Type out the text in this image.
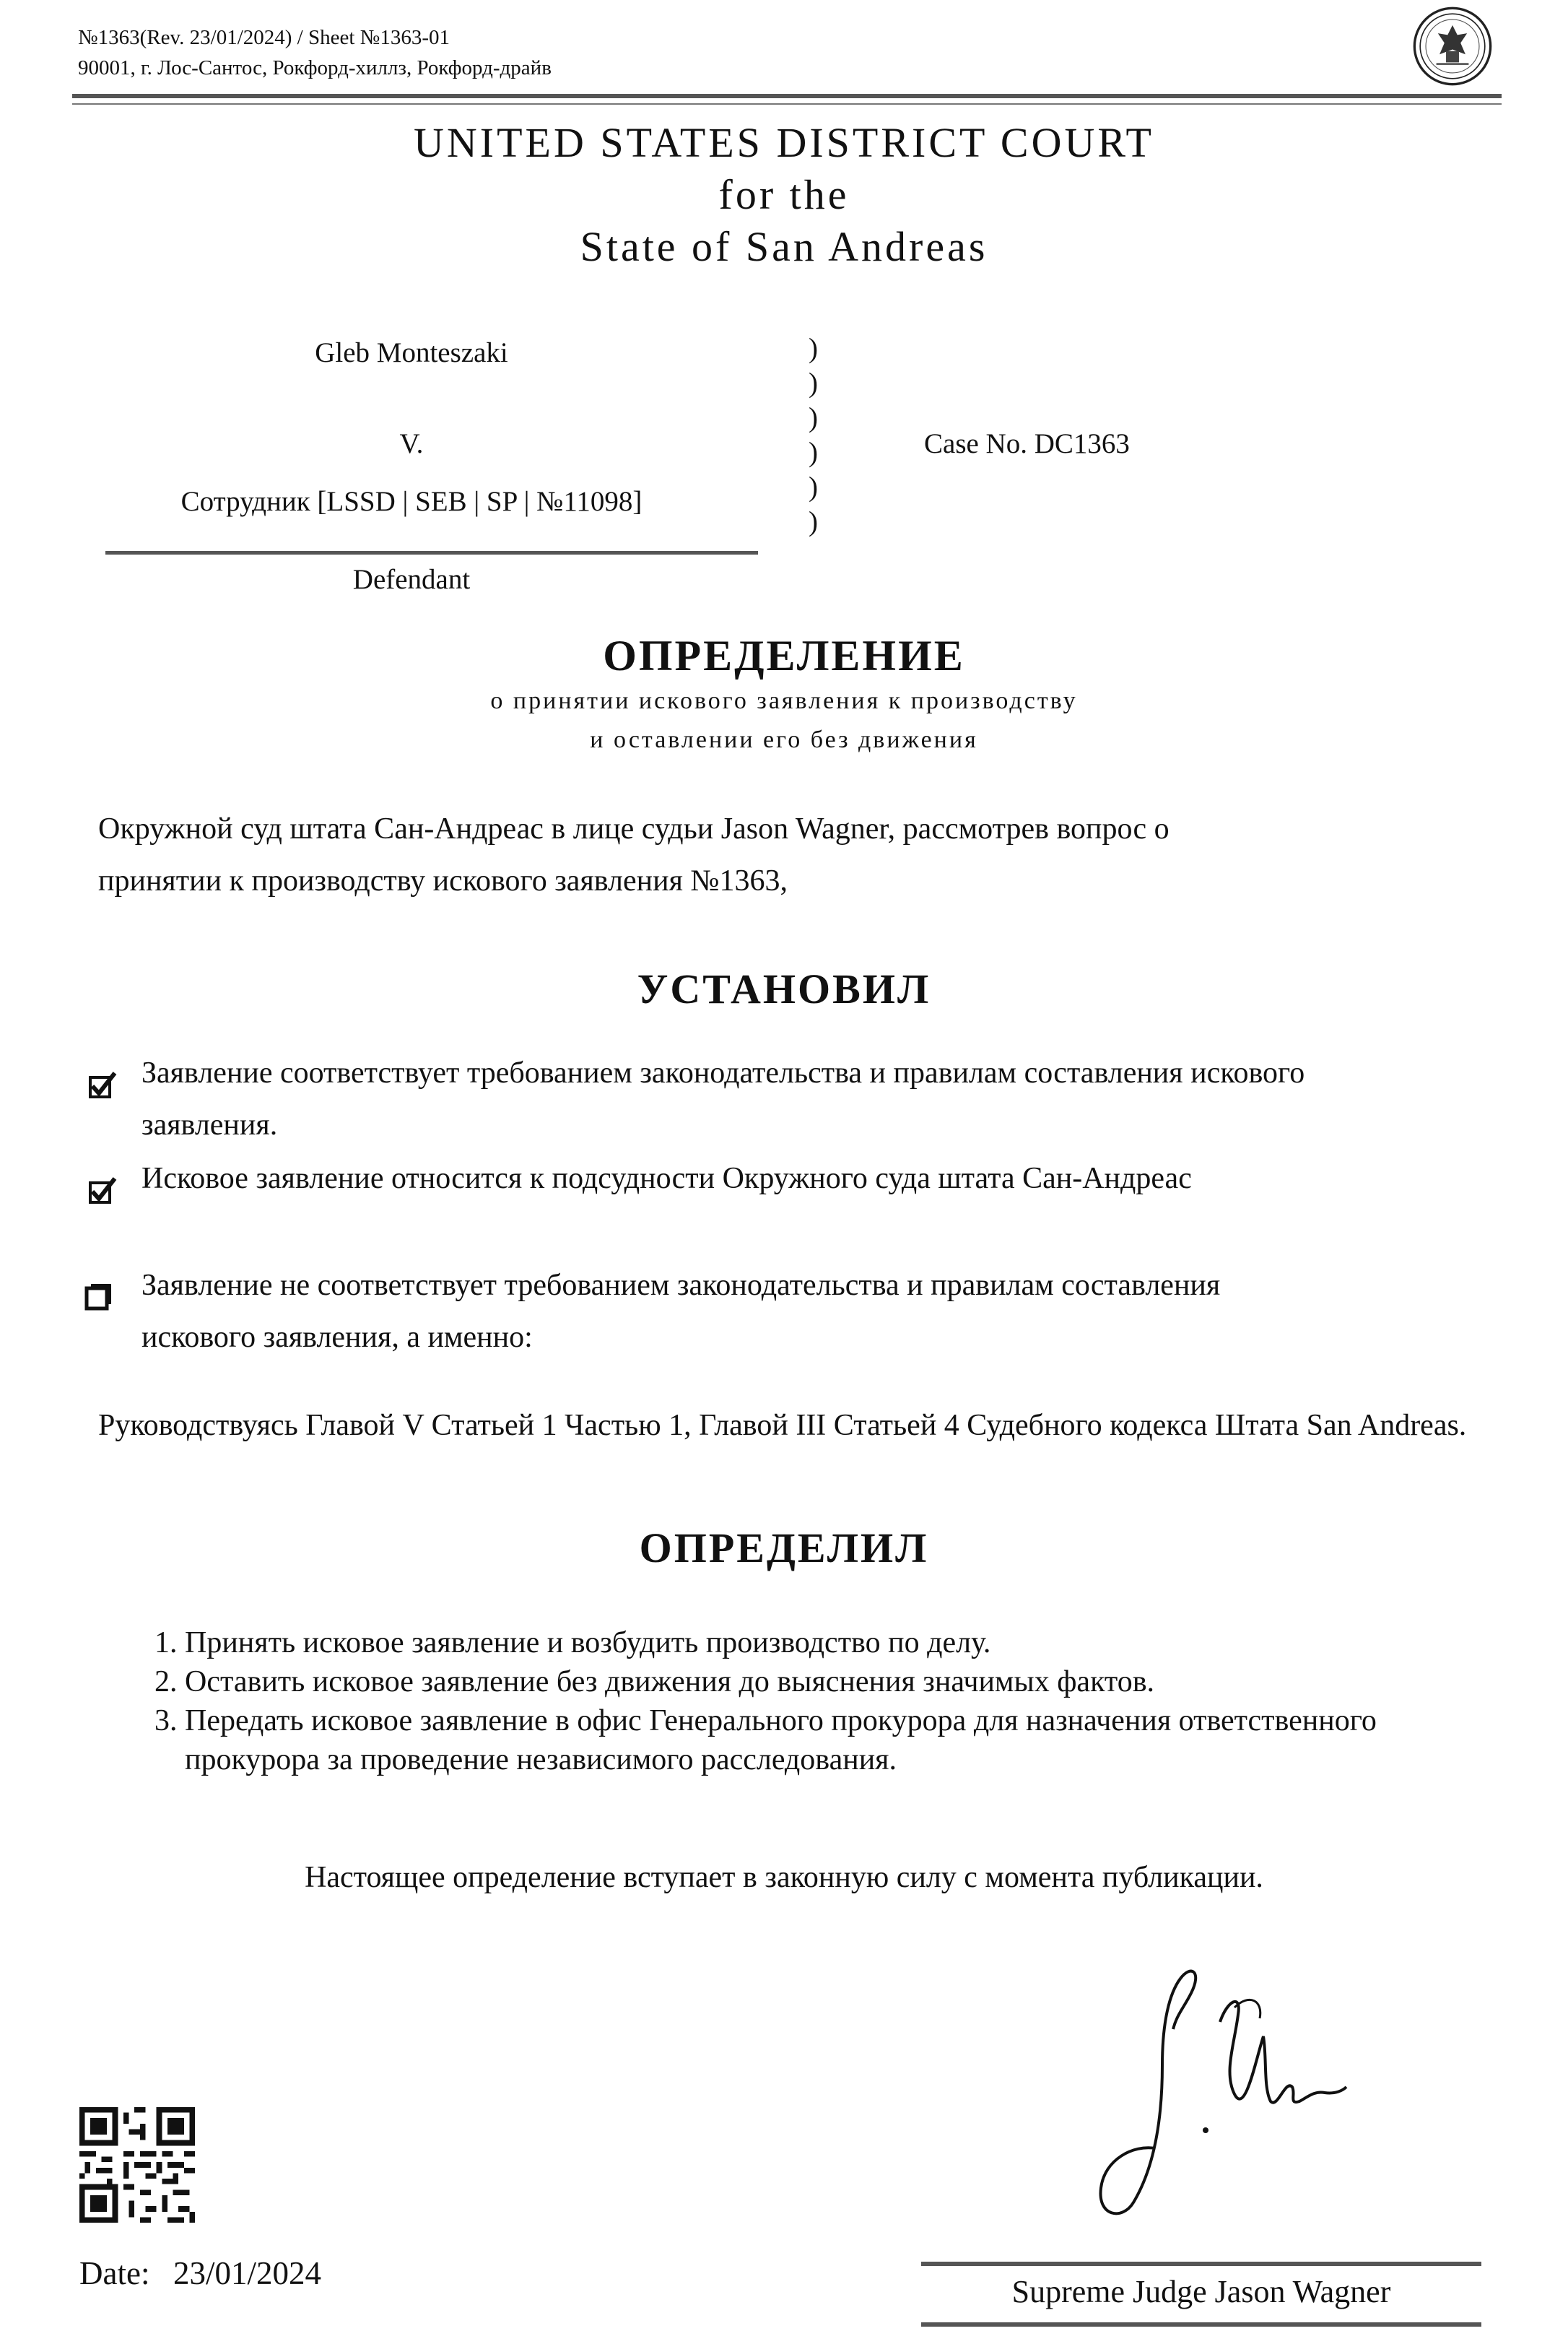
№1363(Rev. 23/01/2024) / Sheet №1363-01
90001, г. Лос-Сантос, Рокфорд-хиллз, Рокфорд-драйв
UNITED STATES DISTRICT COURT
for the
State of San Andreas
Gleb Monteszaki
V.
Сотрудник [LSSD | SEB | SP | №11098]
Defendant
)
)
)
)
)
)
Case No. DC1363
ОПРЕДЕЛЕНИЕ
о принятии искового заявления к производству
и оставлении его без движения
Окружной суд штата Сан-Андреас в лице судьи Jason Wagner, рассмотрев вопрос о
принятии к производству искового заявления №1363,
УСТАНОВИЛ
Заявление соответствует требованием законодательства и правилам составления искового
заявления.
Исковое заявление относится к подсудности Окружного суда штата Сан-Андреас
Заявление не соответствует требованием законодательства и правилам составления
искового заявления, а именно:
Руководствуясь Главой V Статьей 1 Частью 1, Главой III Статьей 4 Судебного кодекса Штата San Andreas.
ОПРЕДЕЛИЛ
1. Принять исковое заявление и возбудить производство по делу.
2. Оставить исковое заявление без движения до выяснения значимых фактов.
3. Передать исковое заявление в офис Генерального прокурора для назначения ответственного прокурора за проведение независимого расследования.
Настоящее определение вступает в законную силу с момента публикации.
Date: 23/01/2024
Supreme Judge Jason Wagner
